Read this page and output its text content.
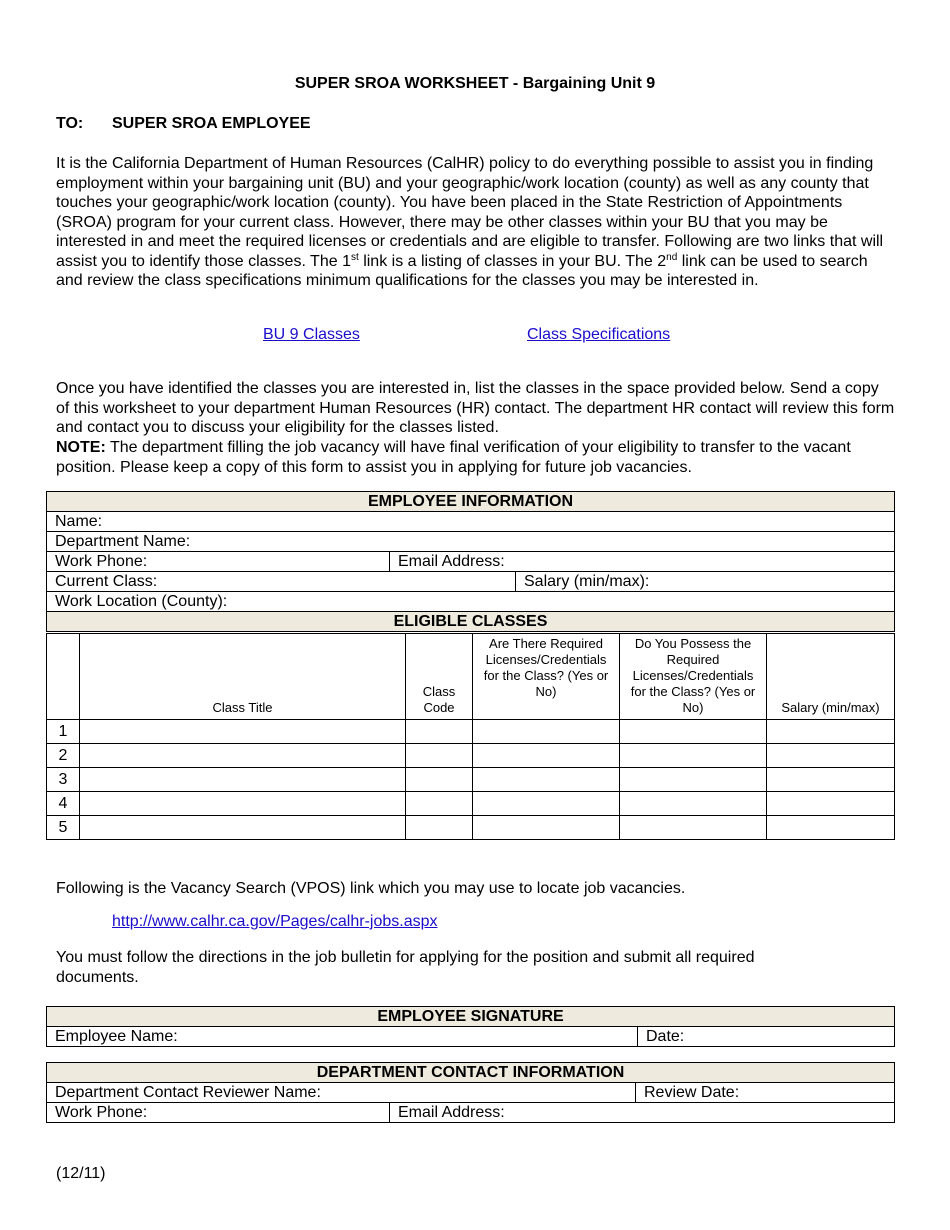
SUPER SROA WORKSHEET - Bargaining Unit 9
TO: SUPER SROA EMPLOYEE

It is the California Department of Human Resources (CalHR) policy to do everything possible to assist you in finding employment within your bargaining unit (BU) and your geographic/work location (county) as well as any county that touches your geographic/work location (county). You have been placed in the State Restriction of Appointments (SROA) program for your current class. However, there may be other classes within your BU that you may be interested in and meet the required licenses or credentials and are eligible to transfer. Following are two links that will assist you to identify those classes. The 1st link is a listing of classes in your BU. The 2nd link can be used to search and review the class specifications minimum qualifications for the classes you may be interested in.

BU 9 Classes	Class Specifications

Once you have identified the classes you are interested in, list the classes in the space provided below. Send a copy of this worksheet to your department Human Resources (HR) contact. The department HR contact will review this form and contact you to discuss your eligibility for the classes listed.

NOTE: The department filling the job vacancy will have final verification of your eligibility to transfer to the vacant position. Please keep a copy of this form to assist you in applying for future job vacancies.

EMPLOYEE INFORMATION		
Name:		
Department Name:		
Work Phone:	Email Address:	
Current Class:		Salary (min/max):
Work Location (County):		
ELIGIBLE CLASSES		
	Class Title	Class Code	Are There Required Licenses/Credentials for the Class? (Yes or No)	Do You Possess the Required Licenses/Credentials for the Class? (Yes or No)	Salary (min/max)
1					
2					
3					
4					
5					

Following is the Vacancy Search (VPOS) link which you may use to locate job vacancies.

http://www.calhr.ca.gov/Pages/calhr-jobs.aspx

You must follow the directions in the job bulletin for applying for the position and submit all required documents.

EMPLOYEE SIGNATURE
Employee Name:	Date:
DEPARTMENT CONTACT INFORMATION		
Department Contact Reviewer Name:		Review Date:
Work Phone:	Email Address:	
(12/11)
